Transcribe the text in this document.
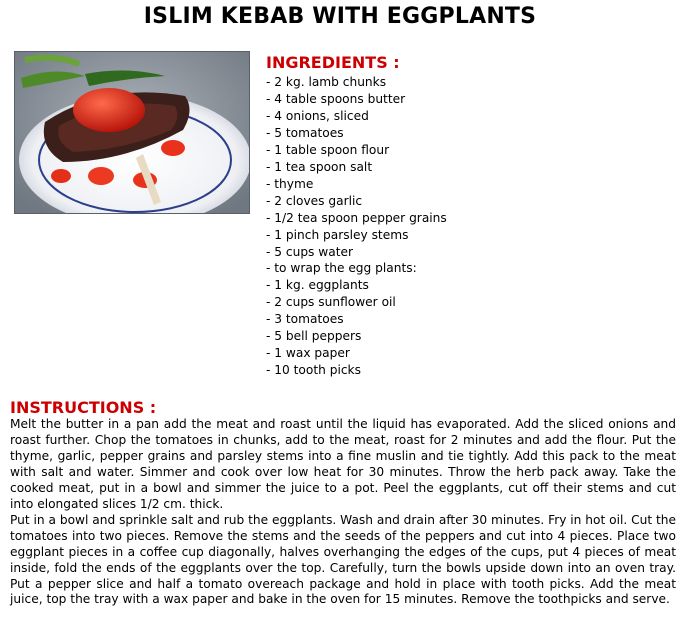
ISLIM KEBAB WITH EGGPLANTS
INGREDIENTS :
- 2 kg. lamb chunks
- 4 table spoons butter
- 4 onions, sliced
- 5 tomatoes
- 1 table spoon flour
- 1 tea spoon salt
- thyme
- 2 cloves garlic
- 1/2 tea spoon pepper grains
- 1 pinch parsley stems
- 5 cups water
- to wrap the egg plants:
- 1 kg. eggplants
- 2 cups sunflower oil
- 3 tomatoes
- 5 bell peppers
- 1 wax paper
- 10 tooth picks
INSTRUCTIONS :

Melt the butter in a pan add the meat and roast until the liquid has evaporated. Add the sliced onions and roast further. Chop the tomatoes in chunks, add to the meat, roast for 2 minutes and add the flour. Put the thyme, garlic, pepper grains and parsley stems into a fine muslin and tie tightly. Add this pack to the meat with salt and water. Simmer and cook over low heat for 30 minutes. Throw the herb pack away. Take the cooked meat, put in a bowl and simmer the juice to a pot. Peel the eggplants, cut off their stems and cut into elongated slices 1/2 cm. thick.

Put in a bowl and sprinkle salt and rub the eggplants. Wash and drain after 30 minutes. Fry in hot oil. Cut the tomatoes into two pieces. Remove the stems and the seeds of the peppers and cut into 4 pieces. Place two eggplant pieces in a coffee cup diagonally, halves overhanging the edges of the cups, put 4 pieces of meat inside, fold the ends of the eggplants over the top. Carefully, turn the bowls upside down into an oven tray. Put a pepper slice and half a tomato overeach package and hold in place with tooth picks. Add the meat juice, top the tray with a wax paper and bake in the oven for 15 minutes. Remove the toothpicks and serve.
